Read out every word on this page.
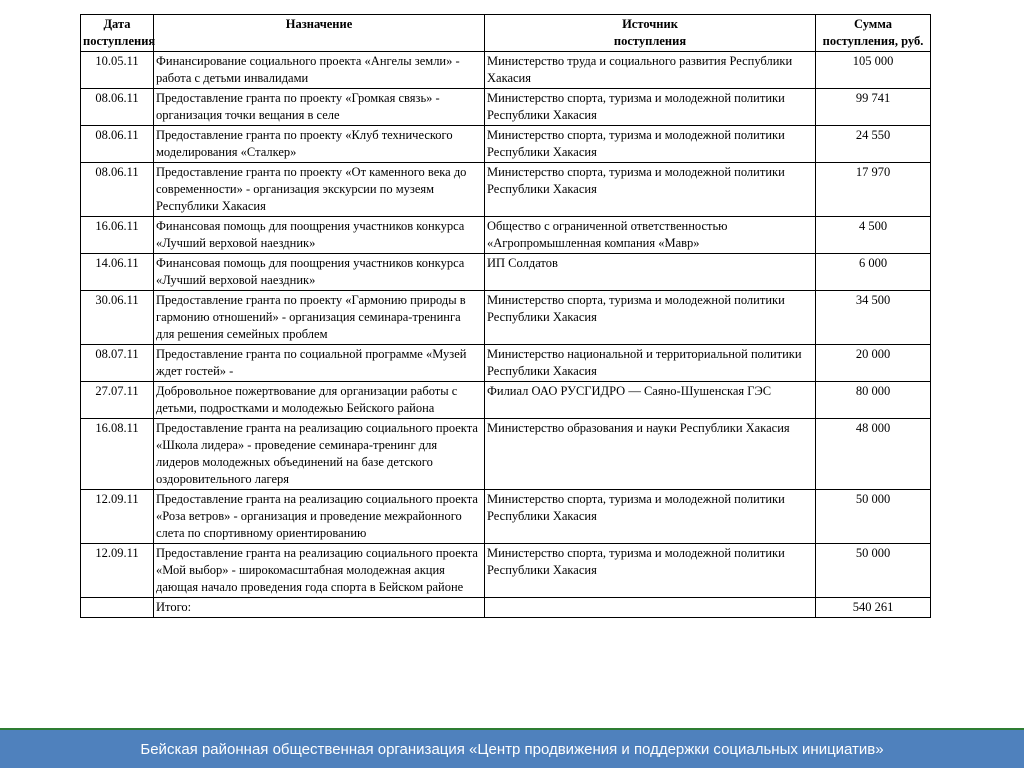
Дата поступления	Назначение	Источник поступления	Сумма поступления, руб.
10.05.11	Финансирование социального проекта «Ангелы земли» - работа с детьми инвалидами	Министерство труда и социального развития Республики Хакасия	105 000
08.06.11	Предоставление гранта по проекту «Громкая связь» - организация точки вещания в селе	Министерство спорта, туризма и молодежной политики Республики Хакасия	99 741
08.06.11	Предоставление гранта по проекту «Клуб технического моделирования «Сталкер»	Министерство спорта, туризма и молодежной политики Республики Хакасия	24 550
08.06.11	Предоставление гранта по проекту «От каменного века до современности» - организация экскурсии по музеям Республики Хакасия	Министерство спорта, туризма и молодежной политики Республики Хакасия	17 970
16.06.11	Финансовая помощь для поощрения участников конкурса «Лучший верховой наездник»	Общество с ограниченной ответственностью «Агропромышленная компания «Мавр»	4 500
14.06.11	Финансовая помощь для поощрения участников конкурса «Лучший верховой наездник»	ИП Солдатов	6 000
30.06.11	Предоставление гранта по проекту «Гармонию природы в гармонию отношений» - организация семинара-тренинга для решения семейных проблем	Министерство спорта, туризма и молодежной политики Республики Хакасия	34 500
08.07.11	Предоставление гранта по социальной программе «Музей ждет гостей» -	Министерство национальной и территориальной политики Республики Хакасия	20 000
27.07.11	Добровольное пожертвование для организации работы с детьми, подростками и молодежью Бейского района	Филиал ОАО РУСГИДРО — Саяно-Шушенская ГЭС	80 000
16.08.11	Предоставление гранта на реализацию социального проекта «Школа лидера» - проведение семинара-тренинг для лидеров молодежных объединений на базе детского оздоровительного лагеря	Министерство образования и науки Республики Хакасия	48 000
12.09.11	Предоставление гранта на реализацию социального проекта «Роза ветров» - организация и проведение межрайонного слета по спортивному ориентированию	Министерство спорта, туризма и молодежной политики Республики Хакасия	50 000
12.09.11	Предоставление гранта на реализацию социального проекта «Мой выбор» - широкомасштабная молодежная акция дающая начало проведения года спорта в Бейском районе	Министерство спорта, туризма и молодежной политики Республики Хакасия	50 000
	Итого:		540 261
Бейская районная общественная организация «Центр продвижения и поддержки социальных инициатив»
